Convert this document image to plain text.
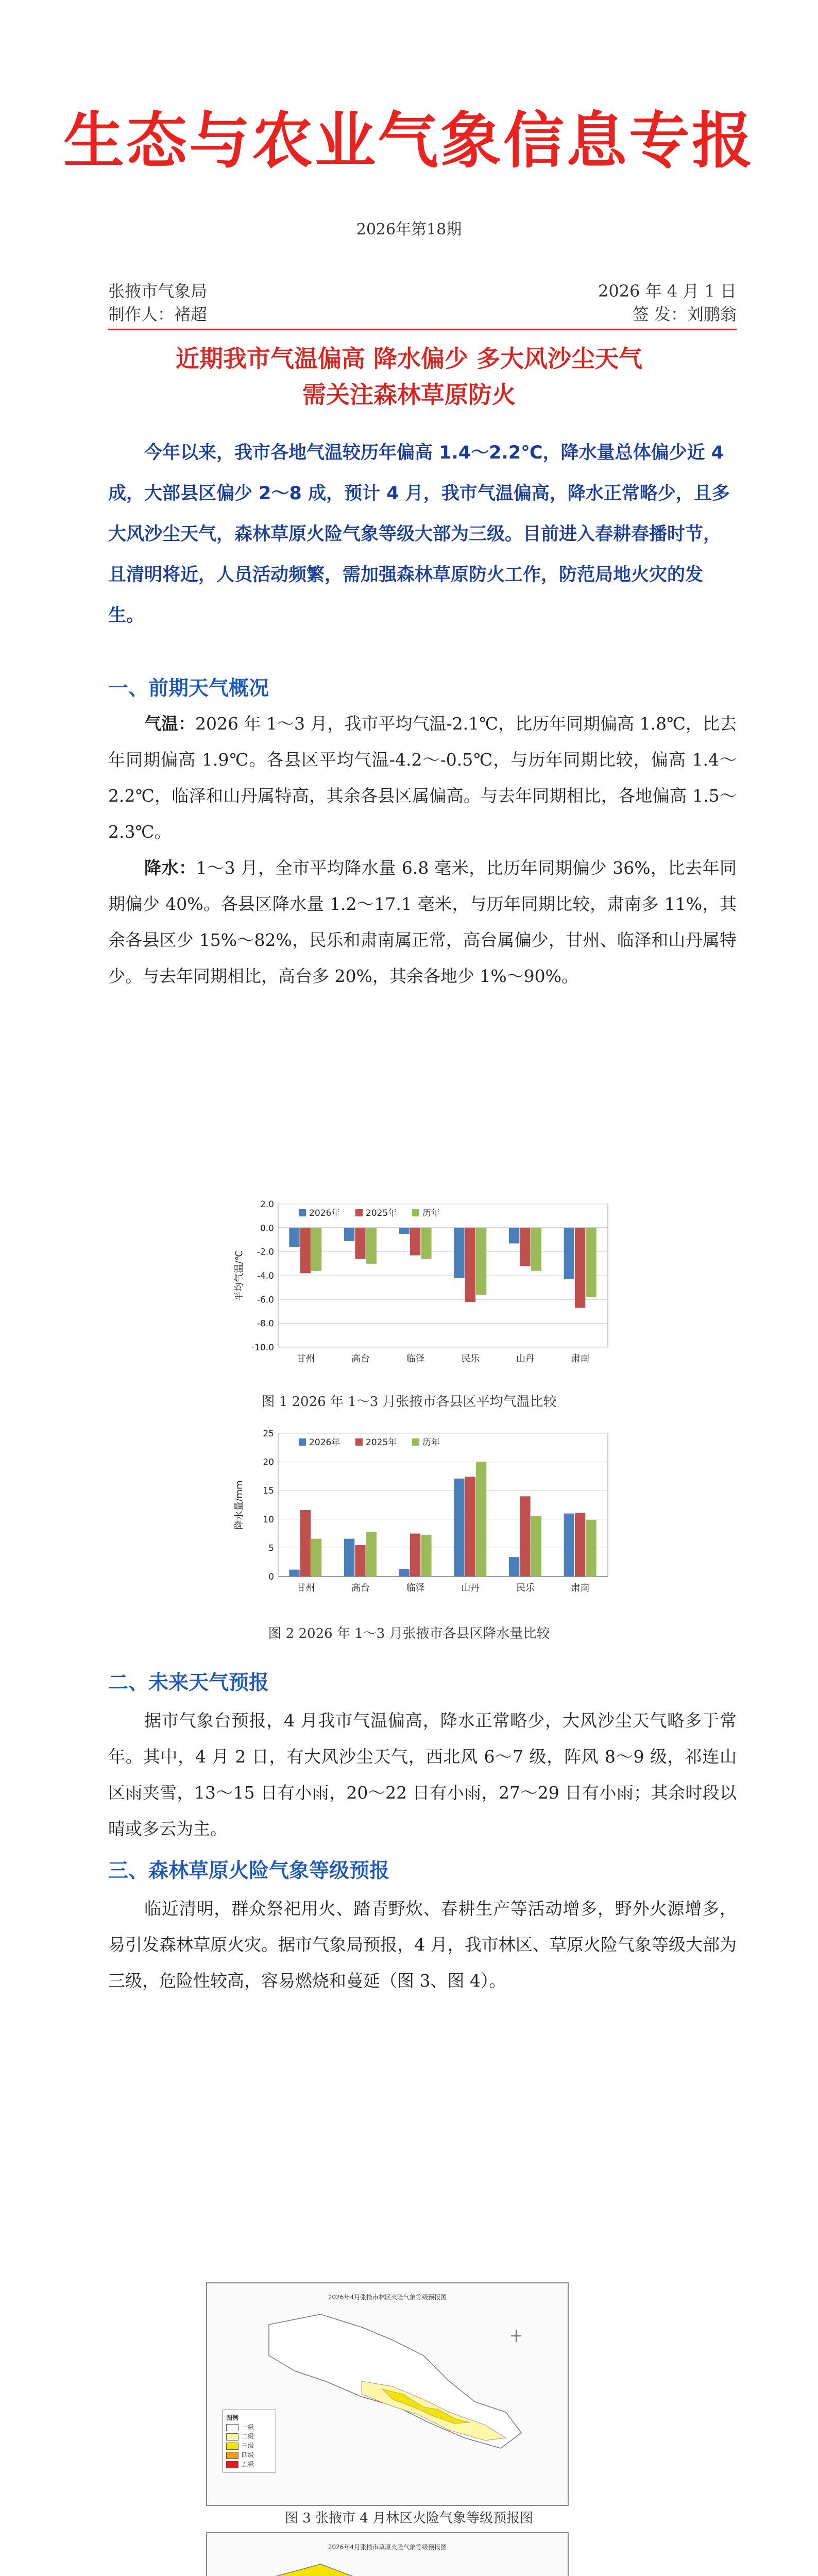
生态与农业气象信息专报
2026年第18期
张掖市气象局	2026 年 4 月 1 日
制作人：褚超	签 发：刘鹏翁
近期我市气温偏高 降水偏少 多大风沙尘天气
需关注森林草原防火
今年以来，我市各地气温较历年偏高 1.4～2.2℃，降水量总体偏少近 4 成，大部县区偏少 2～8 成，预计 4 月，我市气温偏高，降水正常略少，且多大风沙尘天气，森林草原火险气象等级大部为三级。目前进入春耕春播时节，且清明将近，人员活动频繁，需加强森林草原防火工作，防范局地火灾的发生。
一、前期天气概况
气温：2026 年 1～3 月，我市平均气温-2.1℃，比历年同期偏高 1.8℃，比去年同期偏高 1.9℃。各县区平均气温-4.2～-0.5℃，与历年同期比较，偏高 1.4～2.2℃，临泽和山丹属特高，其余各县区属偏高。与去年同期相比，各地偏高 1.5～2.3℃。
降水：1～3 月，全市平均降水量 6.8 毫米，比历年同期偏少 36%，比去年同期偏少 40%。各县区降水量 1.2～17.1 毫米，与历年同期比较，肃南多 11%，其余各县区少 15%～82%，民乐和肃南属正常，高台属偏少，甘州、临泽和山丹属特少。与去年同期相比，高台多 20%，其余各地少 1%～90%。
2.0
0.0
-2.0
-4.0
-6.0
-8.0
-10.0
甘州	高台	临泽	民乐	山丹	肃南
平均气温/℃
2026年	2025年	历年
图 1 2026 年 1～3 月张掖市各县区平均气温比较
25
20
15
10
5
0
甘州	高台	临泽	山丹	民乐	肃南
降水量/mm
2026年	2025年	历年
图 2 2026 年 1～3 月张掖市各县区降水量比较
二、未来天气预报
据市气象台预报，4 月我市气温偏高，降水正常略少，大风沙尘天气略多于常年。其中，4 月 2 日，有大风沙尘天气，西北风 6～7 级，阵风 8～9 级，祁连山区雨夹雪，13～15 日有小雨，20～22 日有小雨，27～29 日有小雨；其余时段以晴或多云为主。
三、森林草原火险气象等级预报
临近清明，群众祭祀用火、踏青野炊、春耕生产等活动增多，野外火源增多，易引发森林草原火灾。据市气象局预报，4 月，我市林区、草原火险气象等级大部为三级，危险性较高，容易燃烧和蔓延（图 3、图 4）。
2026年4月张掖市林区火险气象等级预报图
图例
一级
二级
三级
四级
五级
图 3 张掖市 4 月林区火险气象等级预报图
2026年4月张掖市草原火险气象等级预报图
